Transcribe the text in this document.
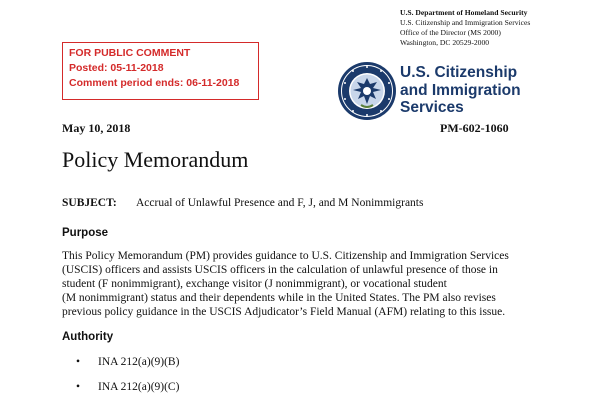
FOR PUBLIC COMMENT
Posted: 05-11-2018
Comment period ends: 06-11-2018
U.S. Department of Homeland Security
U.S. Citizenship and Immigration Services
Office of the Director (MS 2000)
Washington, DC 20529-2000
U.S. Citizenship
and Immigration
Services
May 10, 2018	PM-602-1060
Policy Memorandum
SUBJECT: Accrual of Unlawful Presence and F, J, and M Nonimmigrants
Purpose
This Policy Memorandum (PM) provides guidance to U.S. Citizenship and Immigration Services
(USCIS) officers and assists USCIS officers in the calculation of unlawful presence of those in
student (F nonimmigrant), exchange visitor (J nonimmigrant), or vocational student
(M nonimmigrant) status and their dependents while in the United States. The PM also revises
previous policy guidance in the USCIS Adjudicator’s Field Manual (AFM) relating to this issue.
Authority
• INA 212(a)(9)(B)
• INA 212(a)(9)(C)
